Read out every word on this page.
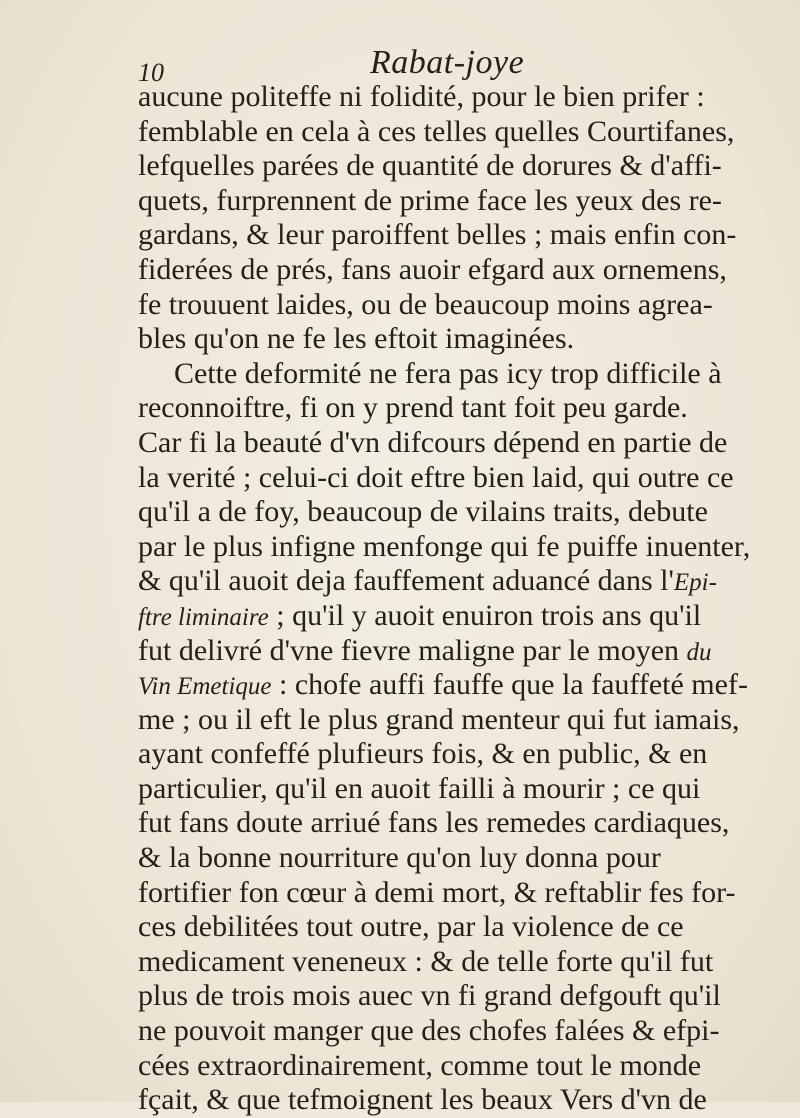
10	Rabat-joye
aucune politeffe ni folidité, pour le bien prifer :
femblable en cela à ces telles quelles Courtifanes,
lefquelles parées de quantité de dorures & d'affi-
quets, furprennent de prime face les yeux des re-
gardans, & leur paroiffent belles ; mais enfin con-
fiderées de prés, fans auoir efgard aux ornemens,
fe trouuent laides, ou de beaucoup moins agrea-
bles qu'on ne fe les eftoit imaginées.
Cette deformité ne fera pas icy trop difficile à
reconnoiftre, fi on y prend tant foit peu garde.
Car fi la beauté d'vn difcours dépend en partie de
la verité ; celui-ci doit eftre bien laid, qui outre ce
qu'il a de foy, beaucoup de vilains traits, debute
par le plus infigne menfonge qui fe puiffe inuenter,
& qu'il auoit deja fauffement aduancé dans l'Epi-
ftre liminaire ; qu'il y auoit enuiron trois ans qu'il
fut delivré d'vne fievre maligne par le moyen du
Vin Emetique : chofe auffi fauffe que la fauffeté mef-
me ; ou il eft le plus grand menteur qui fut iamais,
ayant confeffé plufieurs fois, & en public, & en
particulier, qu'il en auoit failli à mourir ; ce qui
fut fans doute arriué fans les remedes cardiaques,
& la bonne nourriture qu'on luy donna pour
fortifier fon cœur à demi mort, & reftablir fes for-
ces debilitées tout outre, par la violence de ce
medicament veneneux : & de telle forte qu'il fut
plus de trois mois auec vn fi grand defgouft qu'il
ne pouvoit manger que des chofes falées & efpi-
cées extraordinairement, comme tout le monde
fçait, & que tefmoignent les beaux Vers d'vn de
